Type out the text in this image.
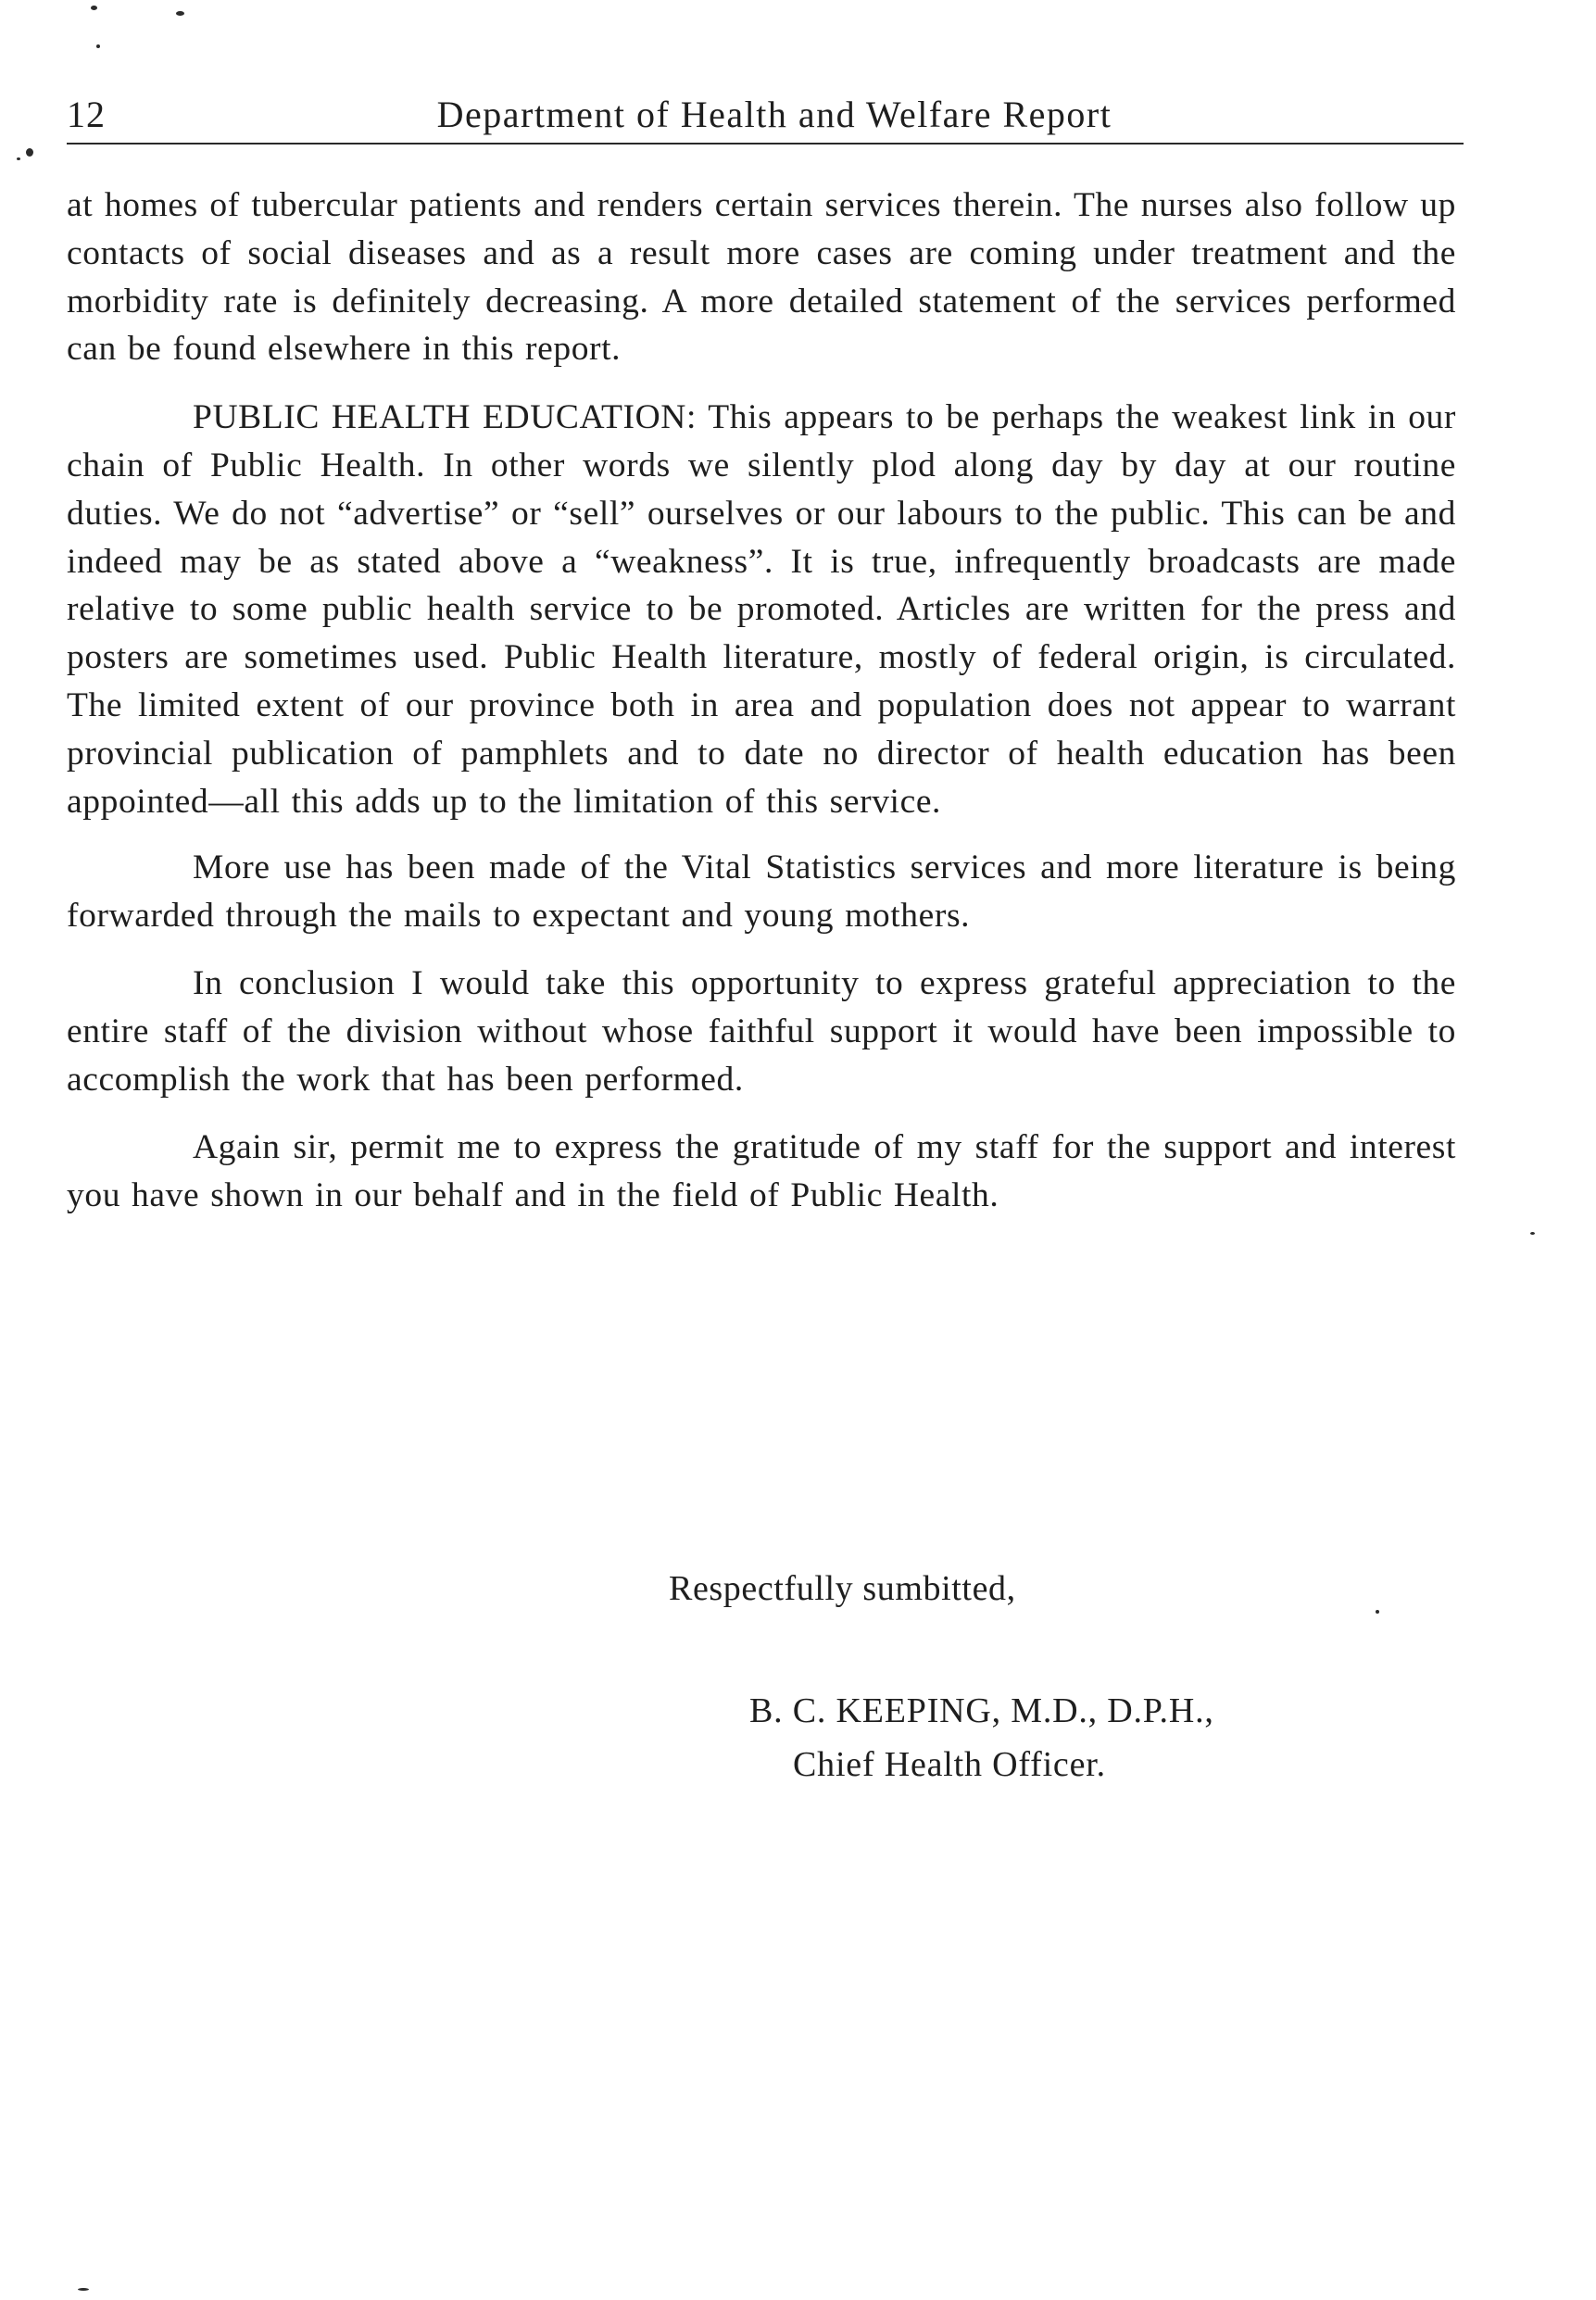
12	Department of Health and Welfare Report

at homes of tubercular patients and renders certain services therein. The nurses also follow up contacts of social diseases and as a result more cases are coming under treatment and the morbidity rate is definitely decreasing. A more detailed statement of the services performed can be found elsewhere in this report.

PUBLIC HEALTH EDUCATION: This appears to be perhaps the weakest link in our chain of Public Health. In other words we silently plod along day by day at our routine duties. We do not “advertise” or “sell” ourselves or our labours to the public. This can be and indeed may be as stated above a “weakness”. It is true, infrequently broadcasts are made relative to some public health service to be promoted. Articles are written for the press and posters are sometimes used. Public Health literature, mostly of federal origin, is circulated. The limited extent of our province both in area and population does not appear to warrant provincial publication of pamphlets and to date no director of health education has been appointed—all this adds up to the limitation of this service.

More use has been made of the Vital Statistics services and more literature is being forwarded through the mails to expectant and young mothers.

In conclusion I would take this opportunity to express grateful appreciation to the entire staff of the division without whose faithful support it would have been impossible to accomplish the work that has been performed.

Again sir, permit me to express the gratitude of my staff for the support and interest you have shown in our behalf and in the field of Public Health.

Respectfully sumbitted,
B. C. KEEPING, M.D., D.P.H.,
Chief Health Officer.
